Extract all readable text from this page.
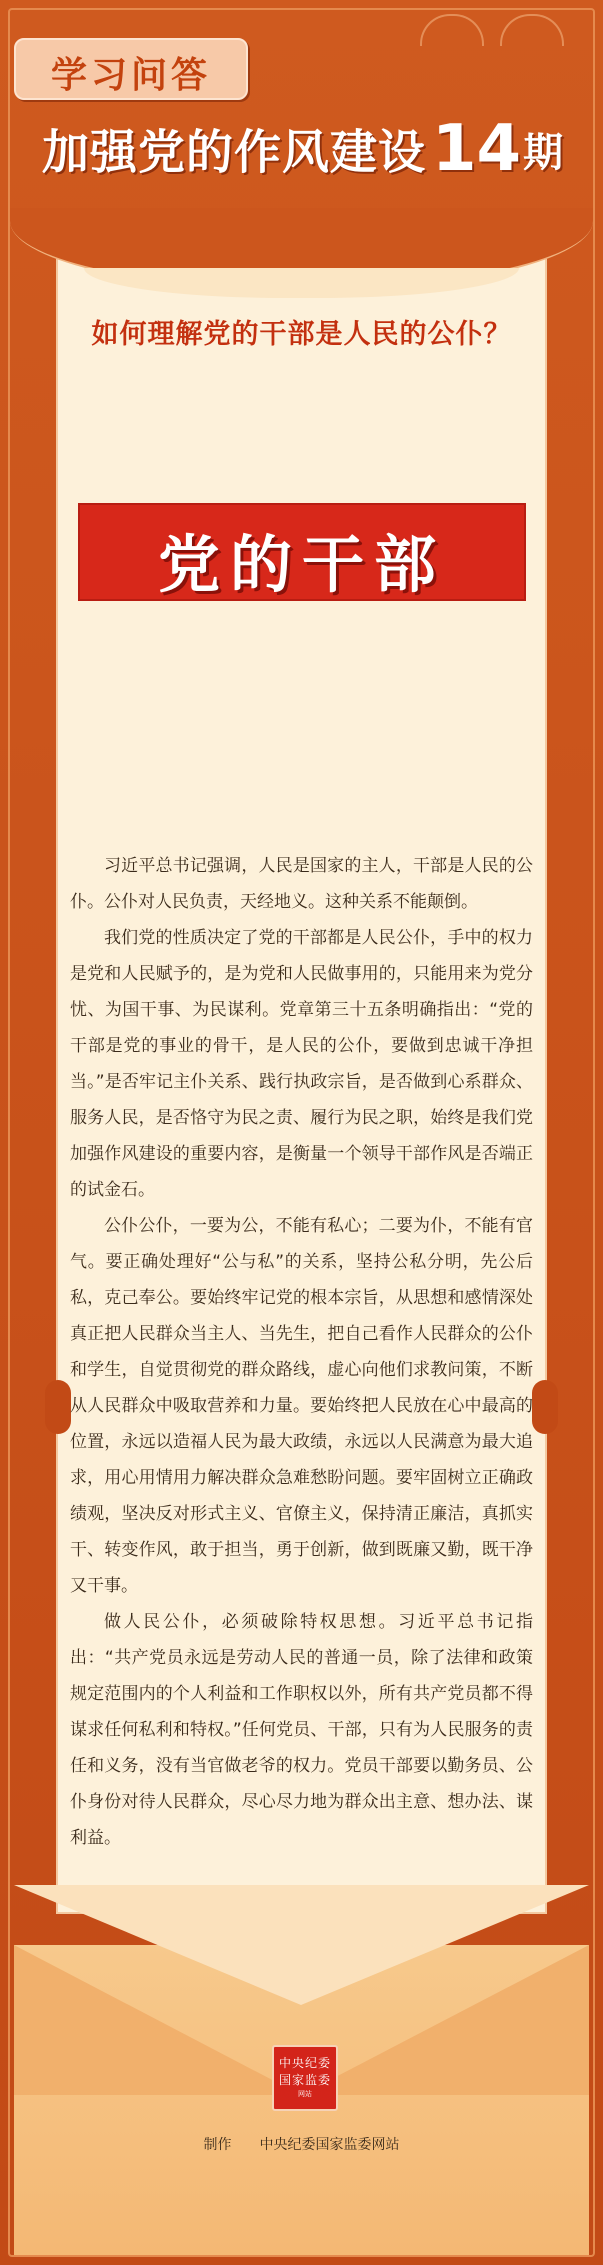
学习问答
加强党的作风建设14期
如何理解党的干部是人民的公仆？
党的干部

习近平总书记强调，人民是国家的主人，干部是人民的公仆。公仆对人民负责，天经地义。这种关系不能颠倒。

我们党的性质决定了党的干部都是人民公仆，手中的权力是党和人民赋予的，是为党和人民做事用的，只能用来为党分忧、为国干事、为民谋利。党章第三十五条明确指出：“党的干部是党的事业的骨干，是人民的公仆，要做到忠诚干净担当。”是否牢记主仆关系、践行执政宗旨，是否做到心系群众、服务人民，是否恪守为民之责、履行为民之职，始终是我们党加强作风建设的重要内容，是衡量一个领导干部作风是否端正的试金石。

公仆公仆，一要为公，不能有私心；二要为仆，不能有官气。要正确处理好“公与私”的关系，坚持公私分明，先公后私，克己奉公。要始终牢记党的根本宗旨，从思想和感情深处真正把人民群众当主人、当先生，把自己看作人民群众的公仆和学生，自觉贯彻党的群众路线，虚心向他们求教问策，不断从人民群众中吸取营养和力量。要始终把人民放在心中最高的位置，永远以造福人民为最大政绩，永远以人民满意为最大追求，用心用情用力解决群众急难愁盼问题。要牢固树立正确政绩观，坚决反对形式主义、官僚主义，保持清正廉洁，真抓实干、转变作风，敢于担当，勇于创新，做到既廉又勤，既干净又干事。

做人民公仆，必须破除特权思想。习近平总书记指出：“共产党员永远是劳动人民的普通一员，除了法律和政策规定范围内的个人利益和工作职权以外，所有共产党员都不得谋求任何私利和特权。”任何党员、干部，只有为人民服务的责任和义务，没有当官做老爷的权力。党员干部要以勤务员、公仆身份对待人民群众，尽心尽力地为群众出主意、想办法、谋利益。

中央纪委
国家监委
网站
制作 中央纪委国家监委网站
